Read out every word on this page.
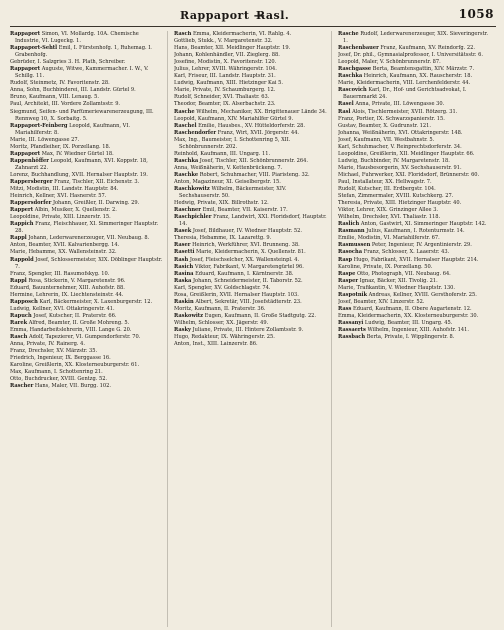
Rappaport —
Rasl.	1058

Rappaport Simon, VI. Mollardg. 10A. Chemische Industrie, VI. Lugeckg. 1.

Rappaport-Sehtl Emil, I. Fürstenhofg. 1, Ruhemag. I. Grabenhofg.

Gebrüder, I. Salzgries 3. H. Plath, Schreiber.

Rappaport Auguste, Witwe, Kammermacher. I. W., V. Schillg. 11.

Rudolf, Steinmetz, IV. Favoritenstr. 28.

Anna, Sohn, Buchbinderei, III. Landstr. Gürtel 9.

Bruno, Kaufmann, VIII. Lenaug. 5.

Paul, Architekt, III. Vordere Zollamtsstr. 9.

Siegmund, Seifen- und Parfümeriewarenerzeugung, III. Rennweg 10, X. Sorbaitg. 5.

Rappaport-Feinberg Leopold, Kaufmann, VI. Mariahilferstr. 8.

Marie, III. Löwengasse 27.

Moritz, Pfandleiher, IX. Porzellang. 18.

Rappaport Max, IV. Wiedner Gürtel 18.

Rappenhöffer Leopold, Kaufmann, XVI. Koppstr. 18, Zahnarzt 22.

Lorenz, Buchhandlung, XVII. Hernalser Hauptstr. 19.

Rappersberger Franz, Tischler, XII. Eichenstr. 3.

Mitzi, Modistin, III. Landstr. Hauptstr. 84.

Heinrich, Kellner, XVI. Hasnerstr. 57.

Rappersdorfer Johann, Greißler, II. Darwing. 29.

Rappert Albin, Musiker, X. Quellenstr. 2.

Leopoldine, Private, XIII. Linzerstr. 15.

Rappich Franz, Fleischhauer, XI. Simmeringer Hauptstr. 28.

Rappl Johann, Lederwarenerzeuger, VII. Neubaug. 8.

Anton, Beamter, XVII. Kalvarienbergg. 14.

Marie, Hebamme, XX. Wallensteinstr. 32.

Rappold Josef, Schlossermeister, XIX. Döblinger Hauptstr. 7.

Franz, Spengler, III. Rasumofskyg. 10.

Rappl Rosa, Stickerin, V. Margaretenstr. 96.

Eduard, Bauunternehmer, XIII. Auhofstr. 88.

Hermine, Lehrerin, IX. Liechtensteinstr. 44.

Rapposch Karl, Bäckermeister, X. Laxenburgerstr. 12.

Ludwig, Kellner, XVI. Ottakringerstr. 41.

Rapuch Josef, Kutscher, II. Praterstr. 66.

Rarek Alfred, Beamter, II. Große Mohreng. 5.

Emma, Handarbeitslehrerin, VIII. Lange G. 20.

Rasch Adolf, Tapezierer, VI. Gumpendorferstr. 70.

Anna, Private, IV. Rainerg. 4.

Franz, Drechsler, XV. Märzstr. 35.

Friedrich, Ingenieur, IX. Berggasse 16.

Karoline, Greißlerin, XX. Klosterneuburgerstr. 61.

Max, Kaufmann, I. Schottenring 21.

Otto, Buchdrucker, XVIII. Gentzg. 52.

Rascher Hans, Maler, VII. Burgg. 102.

Rasch Emma, Kleidermacherin, VI. Rahlg. 4.

Gottlieb, Stukk., V. Margaretenstr. 32.

Hans, Beamter, XII. Meidlinger Hauptstr. 19.

Johann, Kohlenhändler, VII. Zieglerg. 88.

Josefine, Modistin, X. Favoritenstr. 120.

Julius, Lehrer, XVIII. Währingerstr. 104.

Karl, Friseur, III. Landstr. Hauptstr. 31.

Ludwig, Kaufmann, XIII. Hietzinger Kai 5.

Marie, Private, IV. Schaumburgerg. 12.

Rudolf, Schneider, XVI. Thaliastr. 63.

Theodor, Beamter, IX. Alserbachstr. 23.

Rasche Wilhelm, Mechaniker, XX. Brigittenauer Lände 34.

Leopold, Kaufmann, XIV. Mariahilfer Gürtel 9.

Raschel Emilie, Hausbes., XV. Hütteldorferstr. 28.

Raschendorfer Franz, Wirt, XVII. Jörgerstr. 44.

Max, Ing., Baumeister, I. Schottenring 5, XII. Schönbrunnerstr. 202.

Reinhold, Kaufmann, III. Ungarg. 11.

Raschka Josef, Tischler, XII. Schönbrunnerstr. 264.

Anna, Weißnäherin, V. Kettenbrückeng. 7.

Raschke Robert, Schuhmacher, VIII. Piaristeng. 32.

Anton, Magazineur, XI. Geiselbergstr. 15.

Raschkowitz Wilhelm, Bäckermeister, XIV. Sechshauserstr. 50.

Hedwig, Private, XIX. Billrothstr. 12.

Raschner Emil, Beamter, VII. Kaiserstr. 17.

Raschpichler Franz, Landwirt, XXI. Floridsdorf, Hauptstr. 14.

Rasek Josef, Bildhauer, IV. Wiedner Hauptstr. 52.

Theresia, Hebamme, IX. Lazarettg. 9.

Raser Heinrich, Werkführer, XVI. Brunneng. 38.

Rasetti Marie, Kleidermacherin, X. Quellenstr. 81.

Rash Josef, Fleischselcher, XX. Wallensteinpl. 4.

Rasich Viktor, Fabrikant, V. Margaretengürtel 96.

Rasina Eduard, Kaufmann, I. Kärntnerstr. 38.

Raska Johann, Schneidermeister, II. Taborstr. 52.

Karl, Spengler, XV. Goldschlagstr. 74.

Rosa, Greißlerin, XVII. Hernalser Hauptstr. 103.

Raskin Albert, Sekretär, VIII. Josefstädterstr. 23.

Moritz, Kaufmann, II. Praterstr. 36.

Raskowitz Eugen, Kaufmann, II. Große Stadtgutg. 22.

Wilhelm, Schlosser, XX. Jägerstr. 49.

Rasky Juliane, Private, III. Hintere Zollamtsstr. 9.

Hugo, Redakteur, IX. Währingerstr. 25.

Anton, Inst., XIII. Lainzerstr. 86.

Rasche Rudolf, Lederwarenerzeuger, XIX. Sieveringerstr. 1.

Raschenbauer Franz, Kaufmann, XV. Reindorfg. 22.

Josef, Dr. phil., Gymnasialprofessor, I. Universitätsstr. 6.

Leopold, Maler, V. Schönbrunnerstr. 87.

Raschgasse Berta, Beamtensgattin, XIV. Märzstr. 7.

Raschka Heinrich, Kaufmann, XX. Rauscherstr. 18.

Marie, Kleidermacherin, VIII. Lerchenfelderstr. 44.

Rascovich Karl, Dr., Hof- und Gerichtsadvokat, I. Bauernmarkt 24.

Rasel Anna, Private, III. Löwengasse 30.

Rasl Alois, Tischlermeister, XVII. Rötzerg. 31.

Franz, Portier, IX. Schwarzspanierstr. 15.

Gustav, Beamter, X. Gudrunstr. 121.

Johanna, Weißnäherin, XVI. Ottakringerstr. 148.

Josef, Kaufmann, VII. Westbahnstr. 5.

Karl, Schuhmacher, V. Reinprechtsdorferstr. 34.

Leopoldine, Greißlerin, XII. Meidlinger Hauptstr. 66.

Ludwig, Buchbinder, IV. Margaretenstr. 18.

Marie, Hausbesorgerin, XV. Sechshauserstr. 91.

Michael, Fuhrwerker, XXI. Floridsdorf, Brünnerstr. 60.

Paul, Installateur, XX. Hellwagstr. 7.

Rudolf, Kutscher, III. Erdbergstr. 104.

Stefan, Zimmermaler, XVIII. Kutschkerg. 27.

Theresia, Private, XIII. Hietzinger Hauptstr. 40.

Viktor, Lehrer, XIX. Grinzinger Allee 3.

Wilhelm, Drechsler, XVI. Thaliastr. 118.

Raslich Anton, Gastwirt, XI. Simmeringer Hauptstr. 142.

Rasmann Julius, Kaufmann, I. Rotenturmstr. 14.

Emilie, Modistin, VI. Mariahilferstr. 67.

Rasmussen Peter, Ingenieur, IV. Argentinierstr. 29.

Rasocha Franz, Schlosser, X. Laaerstr. 43.

Rasp Hugo, Fabrikant, XVII. Hernalser Hauptstr. 214.

Karoline, Private, IX. Porzellang. 50.

Raspe Otto, Photograph, VII. Neubaug. 64.

Rasper Ignaz, Bäcker, XII. Tivolig. 21.

Marie, Trafikantin, V. Wiedner Hauptstr. 130.

Raspotnik Andreas, Kellner, XVIII. Gersthoferstr. 25.

Josef, Beamter, XIV. Linzerstr. 52.

Rass Eduard, Kaufmann, II. Obere Augartenstr. 12.

Emma, Kleidermacherin, XX. Klosterneuburgerstr. 30.

Rassanyi Ludwig, Beamter, III. Ungarg. 45.

Rassaerts Wilhelm, Ingenieur, XIII. Auhofstr. 141.

Rassbach Berta, Private, I. Wipplingerstr. 8.
